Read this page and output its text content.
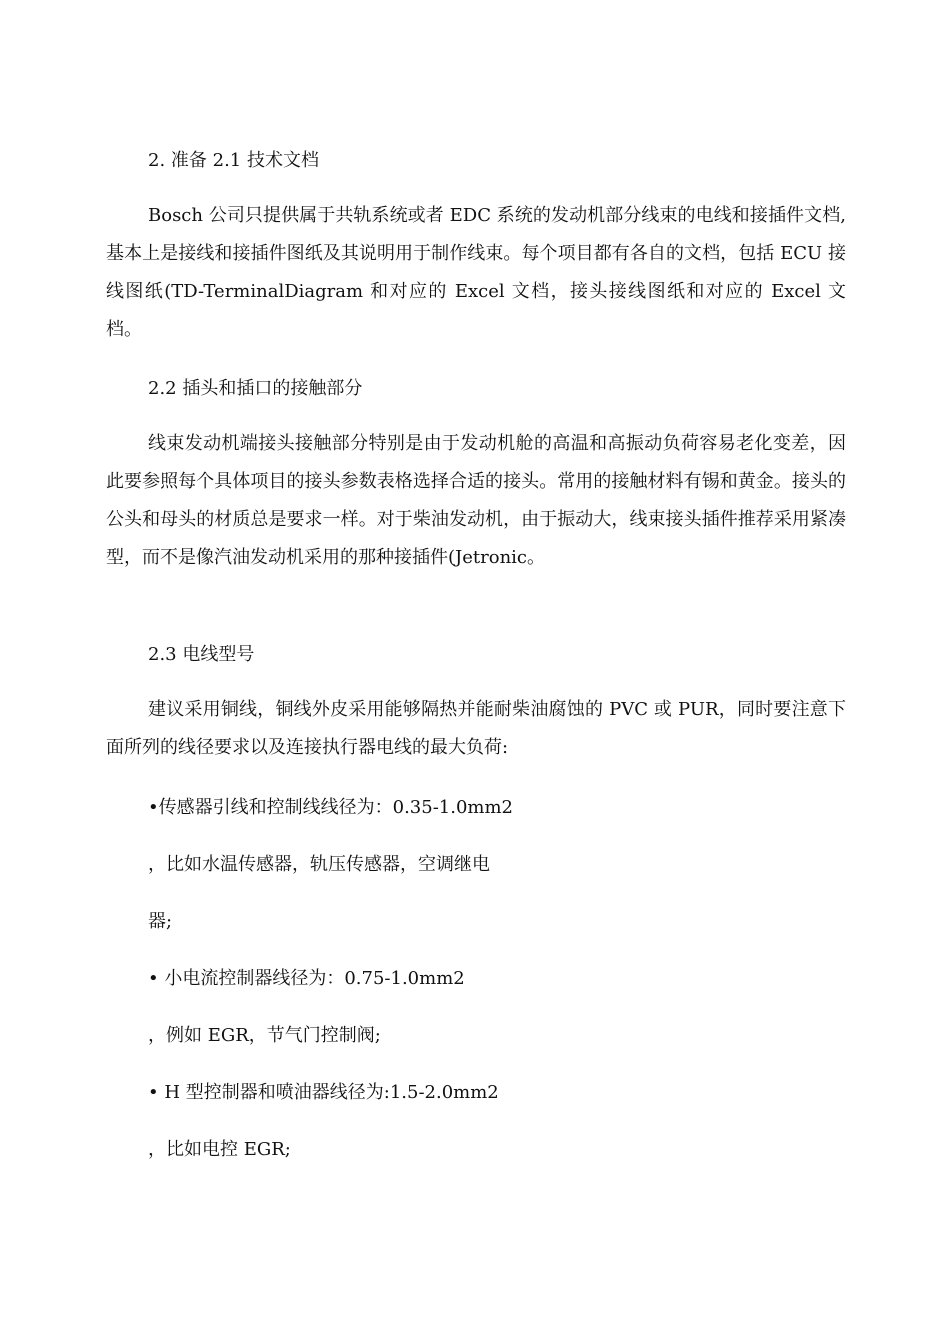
2. 准备 2.1 技术文档
Bosch 公司只提供属于共轨系统或者 EDC 系统的发动机部分线束的电线和接插件文档,基本上是接线和接插件图纸及其说明用于制作线束。每个项目都有各自的文档，包括 ECU 接线图纸(TD-TerminalDiagram 和对应的 Excel 文档，接头接线图纸和对应的 Excel 文档。
2.2 插头和插口的接触部分
线束发动机端接头接触部分特别是由于发动机舱的高温和高振动负荷容易老化变差，因此要参照每个具体项目的接头参数表格选择合适的接头。常用的接触材料有锡和黄金。接头的公头和母头的材质总是要求一样。对于柴油发动机，由于振动大，线束接头插件推荐采用紧凑型，而不是像汽油发动机采用的那种接插件(Jetronic。
2.3 电线型号
建议采用铜线，铜线外皮采用能够隔热并能耐柴油腐蚀的 PVC 或 PUR，同时要注意下面所列的线径要求以及连接执行器电线的最大负荷:
•传感器引线和控制线线径为：0.35-1.0mm2
，比如水温传感器，轨压传感器，空调继电
器;
• 小电流控制器线径为：0.75-1.0mm2
，例如 EGR，节气门控制阀;
• H 型控制器和喷油器线径为:1.5-2.0mm2
，比如电控 EGR;
